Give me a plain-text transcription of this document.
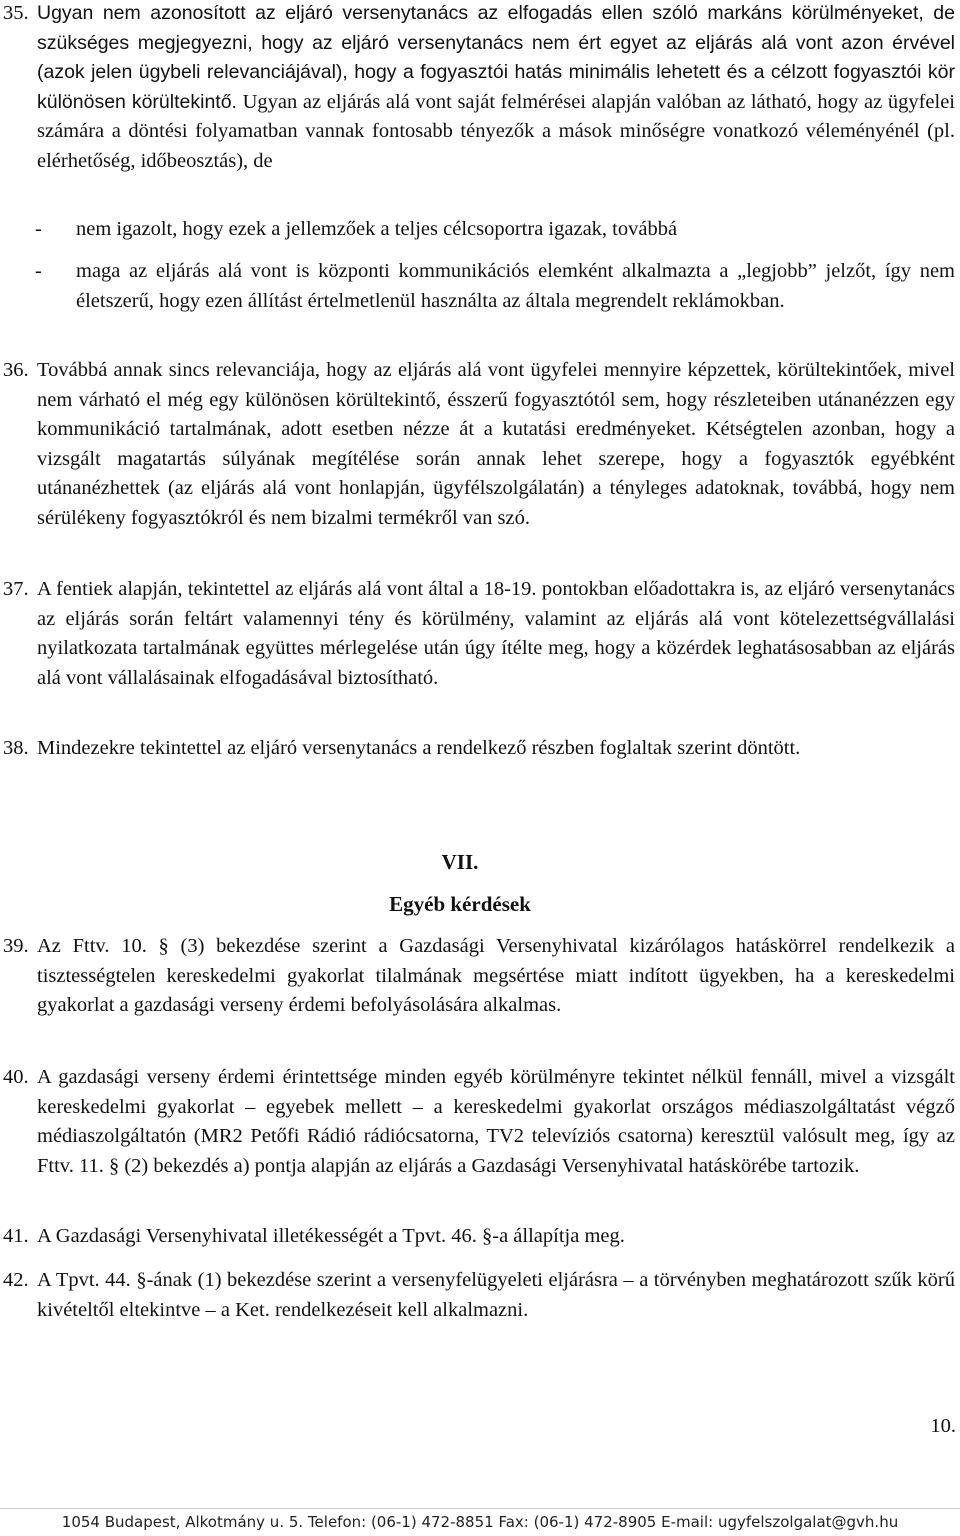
35. Ugyan nem azonosított az eljáró versenytanács az elfogadás ellen szóló markáns körülményeket, de szükséges megjegyezni, hogy az eljáró versenytanács nem ért egyet az eljárás alá vont azon érvével (azok jelen ügybeli relevanciájával), hogy a fogyasztói hatás minimális lehetett és a célzott fogyasztói kör különösen körültekintő. Ugyan az eljárás alá vont saját felmérései alapján valóban az látható, hogy az ügyfelei számára a döntési folyamatban vannak fontosabb tényezők a mások minőségre vonatkozó véleményénél (pl. elérhetőség, időbeosztás), de
-	nem igazolt, hogy ezek a jellemzőek a teljes célcsoportra igazak, továbbá
-	maga az eljárás alá vont is központi kommunikációs elemként alkalmazta a „legjobb” jelzőt, így nem életszerű, hogy ezen állítást értelmetlenül használta az általa megrendelt reklámokban.
36. Továbbá annak sincs relevanciája, hogy az eljárás alá vont ügyfelei mennyire képzettek, körültekintőek, mivel nem várható el még egy különösen körültekintő, ésszerű fogyasztótól sem, hogy részleteiben utánanézzen egy kommunikáció tartalmának, adott esetben nézze át a kutatási eredményeket. Kétségtelen azonban, hogy a vizsgált magatartás súlyának megítélése során annak lehet szerepe, hogy a fogyasztók egyébként utánanézhettek (az eljárás alá vont honlapján, ügyfélszolgálatán) a tényleges adatoknak, továbbá, hogy nem sérülékeny fogyasztókról és nem bizalmi termékről van szó.
37. A fentiek alapján, tekintettel az eljárás alá vont által a 18-19. pontokban előadottakra is, az eljáró versenytanács az eljárás során feltárt valamennyi tény és körülmény, valamint az eljárás alá vont kötelezettségvállalási nyilatkozata tartalmának együttes mérlegelése után úgy ítélte meg, hogy a közérdek leghatásosabban az eljárás alá vont vállalásainak elfogadásával biztosítható.
38. Mindezekre tekintettel az eljáró versenytanács a rendelkező részben foglaltak szerint döntött.
VII.
Egyéb kérdések
39. Az Fttv. 10. § (3) bekezdése szerint a Gazdasági Versenyhivatal kizárólagos hatáskörrel rendelkezik a tisztességtelen kereskedelmi gyakorlat tilalmának megsértése miatt indított ügyekben, ha a kereskedelmi gyakorlat a gazdasági verseny érdemi befolyásolására alkalmas.
40. A gazdasági verseny érdemi érintettsége minden egyéb körülményre tekintet nélkül fennáll, mivel a vizsgált kereskedelmi gyakorlat – egyebek mellett – a kereskedelmi gyakorlat országos médiaszolgáltatást végző médiaszolgáltatón (MR2 Petőfi Rádió rádiócsatorna, TV2 televíziós csatorna) keresztül valósult meg, így az Fttv. 11. § (2) bekezdés a) pontja alapján az eljárás a Gazdasági Versenyhivatal hatáskörébe tartozik.
41. A Gazdasági Versenyhivatal illetékességét a Tpvt. 46. §-a állapítja meg.
42. A Tpvt. 44. §-ának (1) bekezdése szerint a versenyfelügyeleti eljárásra – a törvényben meghatározott szűk körű kivételtől eltekintve – a Ket. rendelkezéseit kell alkalmazni.
10.
1054 Budapest, Alkotmány u. 5. Telefon: (06-1) 472-8851 Fax: (06-1) 472-8905 E-mail: ugyfelszolgalat@gvh.hu
